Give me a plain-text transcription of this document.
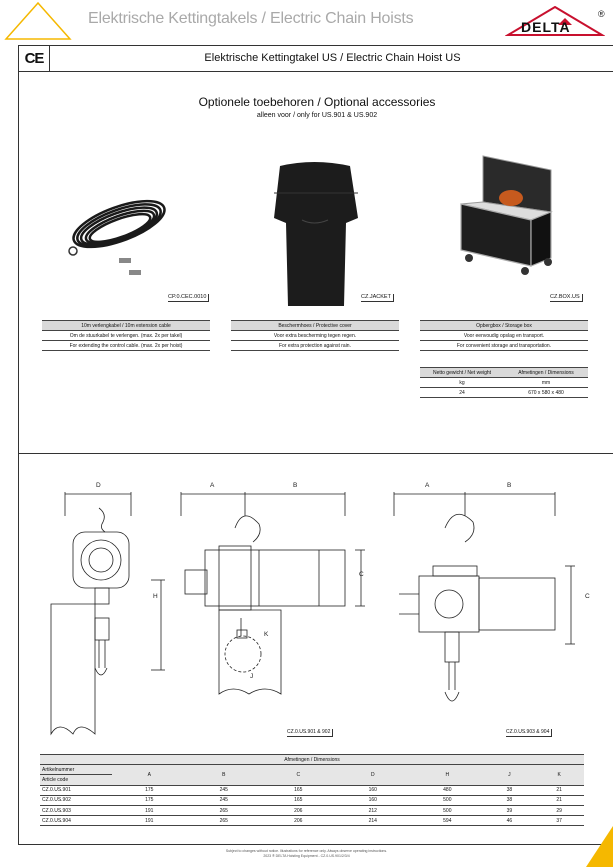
Elektrische Kettingtakels / Electric Chain Hoists	DELTA
®
CE	Elektrische Kettingtakel US / Electric Chain Hoist US
Optionele toebehoren / Optional accessories
alleen voor / only for US.901 & US.902
CP.0.CEC.0010	CZ.JACKET	CZ.BOX.US
10m verlengkabel / 10m extension cable
Om de stuurkabel te verlengen. (max. 2x per takel)
For extending the control cable. (max. 2x per hoist)
Beschermhoes / Protective cover
Voor extra bescherming tegen regen.
For extra protection against rain.
Opbergbox / Storage box
Voor eenvoudig opslag en transport.
For convenient storage and transportation.
Netto gewicht / Net weight	Afmetingen / Dimensions
kg	mm
24	670 x 580 x 480
D
H
A	B
C
K
J
A	B
C
CZ.0.US.901 & 902	CZ.0.US.903 & 904
Afmetingen / Dimensions							
Artikelnummer	A	B	C	D	H	J	K
Article code							
CZ.0.US.901	175	245	165	160	480	38	21
CZ.0.US.902	175	245	165	160	500	38	21
CZ.0.US.903	191	265	206	212	500	39	29
CZ.0.US.904	191	265	206	214	594	46	37
Subject to changes without notice. Illustrations for reference only. Always observe operating instructions.
2023 ® DELTA Hoisting Equipment - CZ.0.US.901/2/3/4
